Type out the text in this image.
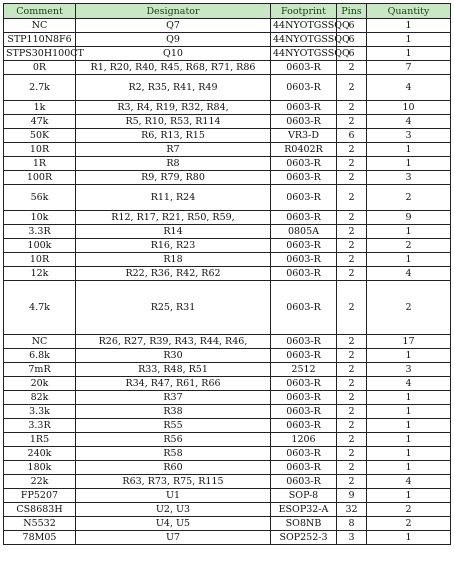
Comment	Designator	Footprint	Pins	Quantity
NC	Q7	44NYOTGSSQQ	6	1
STP110N8F6	Q9	44NYOTGSSQQ	6	1
STPS30H100CT	Q10	44NYOTGSSQQ	6	1
0R	R1, R20, R40, R45, R68, R71, R86	0603-R	2	7
2.7k	R2, R35, R41, R49	0603-R	2	4
1k	R3, R4, R19, R32, R84,	0603-R	2	10
47k	R5, R10, R53, R114	0603-R	2	4
50K	R6, R13, R15	VR3-D	6	3
10R	R7	R0402R	2	1
1R	R8	0603-R	2	1
100R	R9, R79, R80	0603-R	2	3
56k	R11, R24	0603-R	2	2
10k	R12, R17, R21, R50, R59,	0603-R	2	9
3.3R	R14	0805A	2	1
100k	R16, R23	0603-R	2	2
10R	R18	0603-R	2	1
12k	R22, R36, R42, R62	0603-R	2	4
4.7k	R25, R31	0603-R	2	2
NC	R26, R27, R39, R43, R44, R46,	0603-R	2	17
6.8k	R30	0603-R	2	1
7mR	R33, R48, R51	2512	2	3
20k	R34, R47, R61, R66	0603-R	2	4
82k	R37	0603-R	2	1
3.3k	R38	0603-R	2	1
3.3R	R55	0603-R	2	1
1R5	R56	1206	2	1
240k	R58	0603-R	2	1
180k	R60	0603-R	2	1
22k	R63, R73, R75, R115	0603-R	2	4
FP5207	U1	SOP-8	9	1
CS8683H	U2, U3	ESOP32-A	32	2
N5532	U4, U5	SO8NB	8	2
78M05	U7	SOP252-3	3	1
